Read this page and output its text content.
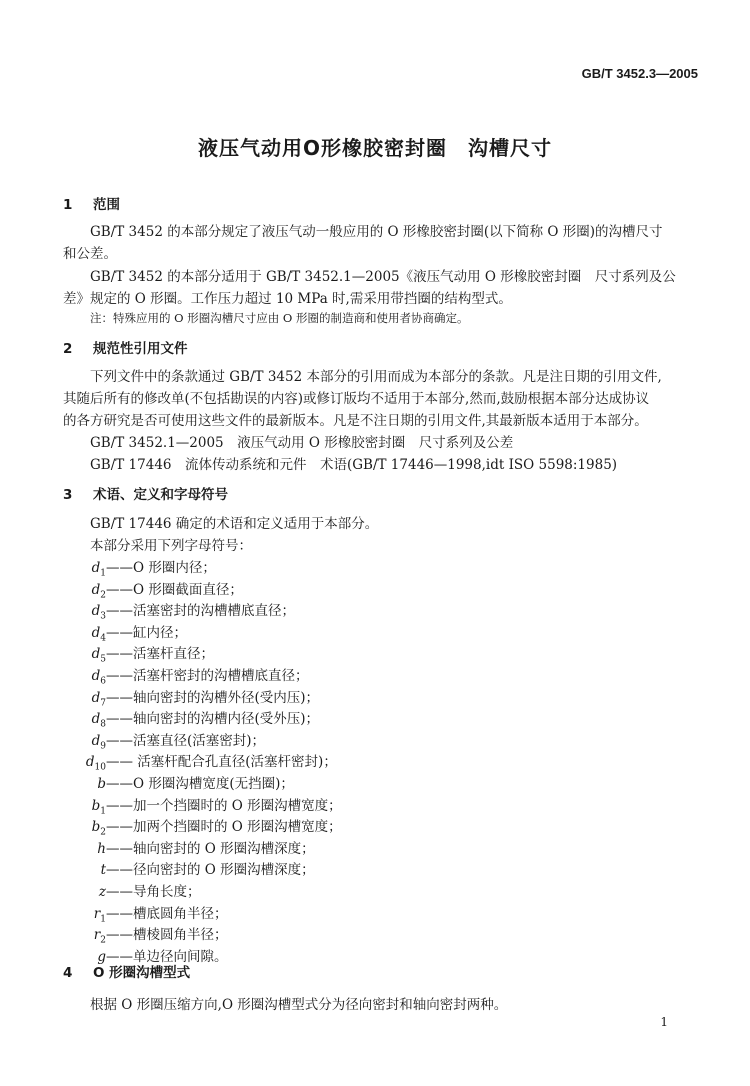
GB/T 3452.3—2005
液压气动用O形橡胶密封圈　沟槽尺寸
1 范围
GB/T 3452 的本部分规定了液压气动一般应用的 O 形橡胶密封圈(以下简称 O 形圈)的沟槽尺寸
和公差。
GB/T 3452 的本部分适用于 GB/T 3452.1—2005《液压气动用 O 形橡胶密封圈　尺寸系列及公
差》规定的 O 形圈。工作压力超过 10 MPa 时,需采用带挡圈的结构型式。
注：特殊应用的 O 形圈沟槽尺寸应由 O 形圈的制造商和使用者协商确定。
2 规范性引用文件
下列文件中的条款通过 GB/T 3452 本部分的引用而成为本部分的条款。凡是注日期的引用文件,
其随后所有的修改单(不包括勘误的内容)或修订版均不适用于本部分,然而,鼓励根据本部分达成协议
的各方研究是否可使用这些文件的最新版本。凡是不注日期的引用文件,其最新版本适用于本部分。
GB/T 3452.1—2005　液压气动用 O 形橡胶密封圈　尺寸系列及公差
GB/T 17446　流体传动系统和元件　术语(GB/T 17446—1998,idt ISO 5598:1985)
3 术语、定义和字母符号
GB/T 17446 确定的术语和定义适用于本部分。
本部分采用下列字母符号：
$d_1——O$ 形圈内径；
$d_2——O$ 形圈截面直径；
$d_3——$活塞密封的沟槽槽底直径；
$d_4——$缸内径；
$d_5——$活塞杆直径；
$d_6——$活塞杆密封的沟槽槽底直径；
$d_7——$轴向密封的沟槽外径(受内压)；
$d_8——$轴向密封的沟槽内径(受外压)；
$d_9——$活塞直径(活塞密封)；
$d_{10}——$ 活塞杆配合孔直径(活塞杆密封)；
b——O 形圈沟槽宽度(无挡圈)；
$b_1——$加一个挡圈时的 O 形圈沟槽宽度；
$b_2——$加两个挡圈时的 O 形圈沟槽宽度；
h——轴向密封的 O 形圈沟槽深度；
t——径向密封的 O 形圈沟槽深度；
z——导角长度；
$r_1——$槽底圆角半径；
$r_2——$槽棱圆角半径；
g——单边径向间隙。
4 O 形圈沟槽型式
根据 O 形圈压缩方向,O 形圈沟槽型式分为径向密封和轴向密封两种。
1
